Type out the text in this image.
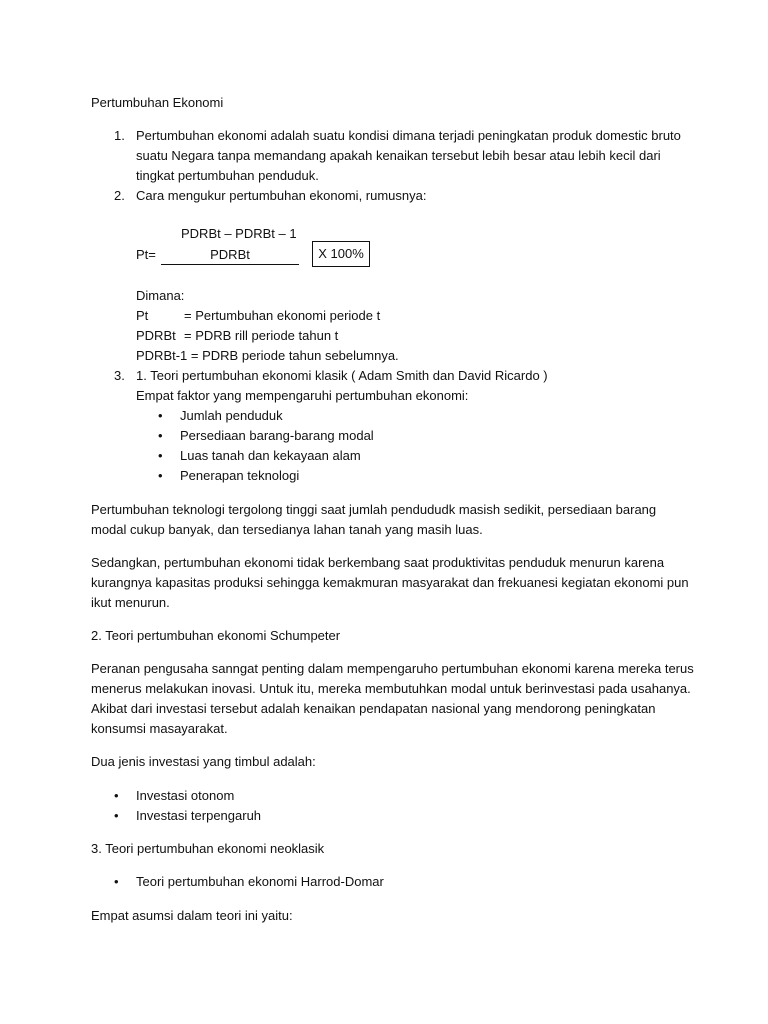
Pertumbuhan Ekonomi
1. Pertumbuhan ekonomi adalah suatu kondisi dimana terjadi peningkatan produk domestic bruto
suatu Negara tanpa memandang apakah kenaikan tersebut lebih besar atau lebih kecil dari
tingkat pertumbuhan penduduk.
2. Cara mengukur pertumbuhan ekonomi, rumusnya:
PDRBt – PDRBt – 1
Pt=	PDRBt	X 100%
Dimana:
Pt	= Pertumbuhan ekonomi periode t
PDRBt = PDRB rill periode tahun t
PDRBt-1 = PDRB periode tahun sebelumnya.
3. 1. Teori pertumbuhan ekonomi klasik ( Adam Smith dan David Ricardo )
Empat faktor yang mempengaruhi pertumbuhan ekonomi:
• Jumlah penduduk
• Persediaan barang-barang modal
• Luas tanah dan kekayaan alam
• Penerapan teknologi
Pertumbuhan teknologi tergolong tinggi saat jumlah pendududk masish sedikit, persediaan barang
modal cukup banyak, dan tersedianya lahan tanah yang masih luas.
Sedangkan, pertumbuhan ekonomi tidak berkembang saat produktivitas penduduk menurun karena
kurangnya kapasitas produksi sehingga kemakmuran masyarakat dan frekuanesi kegiatan ekonomi pun
ikut menurun.
2. Teori pertumbuhan ekonomi Schumpeter
Peranan pengusaha sanngat penting dalam mempengaruho pertumbuhan ekonomi karena mereka terus
menerus melakukan inovasi. Untuk itu, mereka membutuhkan modal untuk berinvestasi pada usahanya.
Akibat dari investasi tersebut adalah kenaikan pendapatan nasional yang mendorong peningkatan
konsumsi masayarakat.
Dua jenis investasi yang timbul adalah:
• Investasi otonom
• Investasi terpengaruh
3. Teori pertumbuhan ekonomi neoklasik
• Teori pertumbuhan ekonomi Harrod-Domar
Empat asumsi dalam teori ini yaitu:
